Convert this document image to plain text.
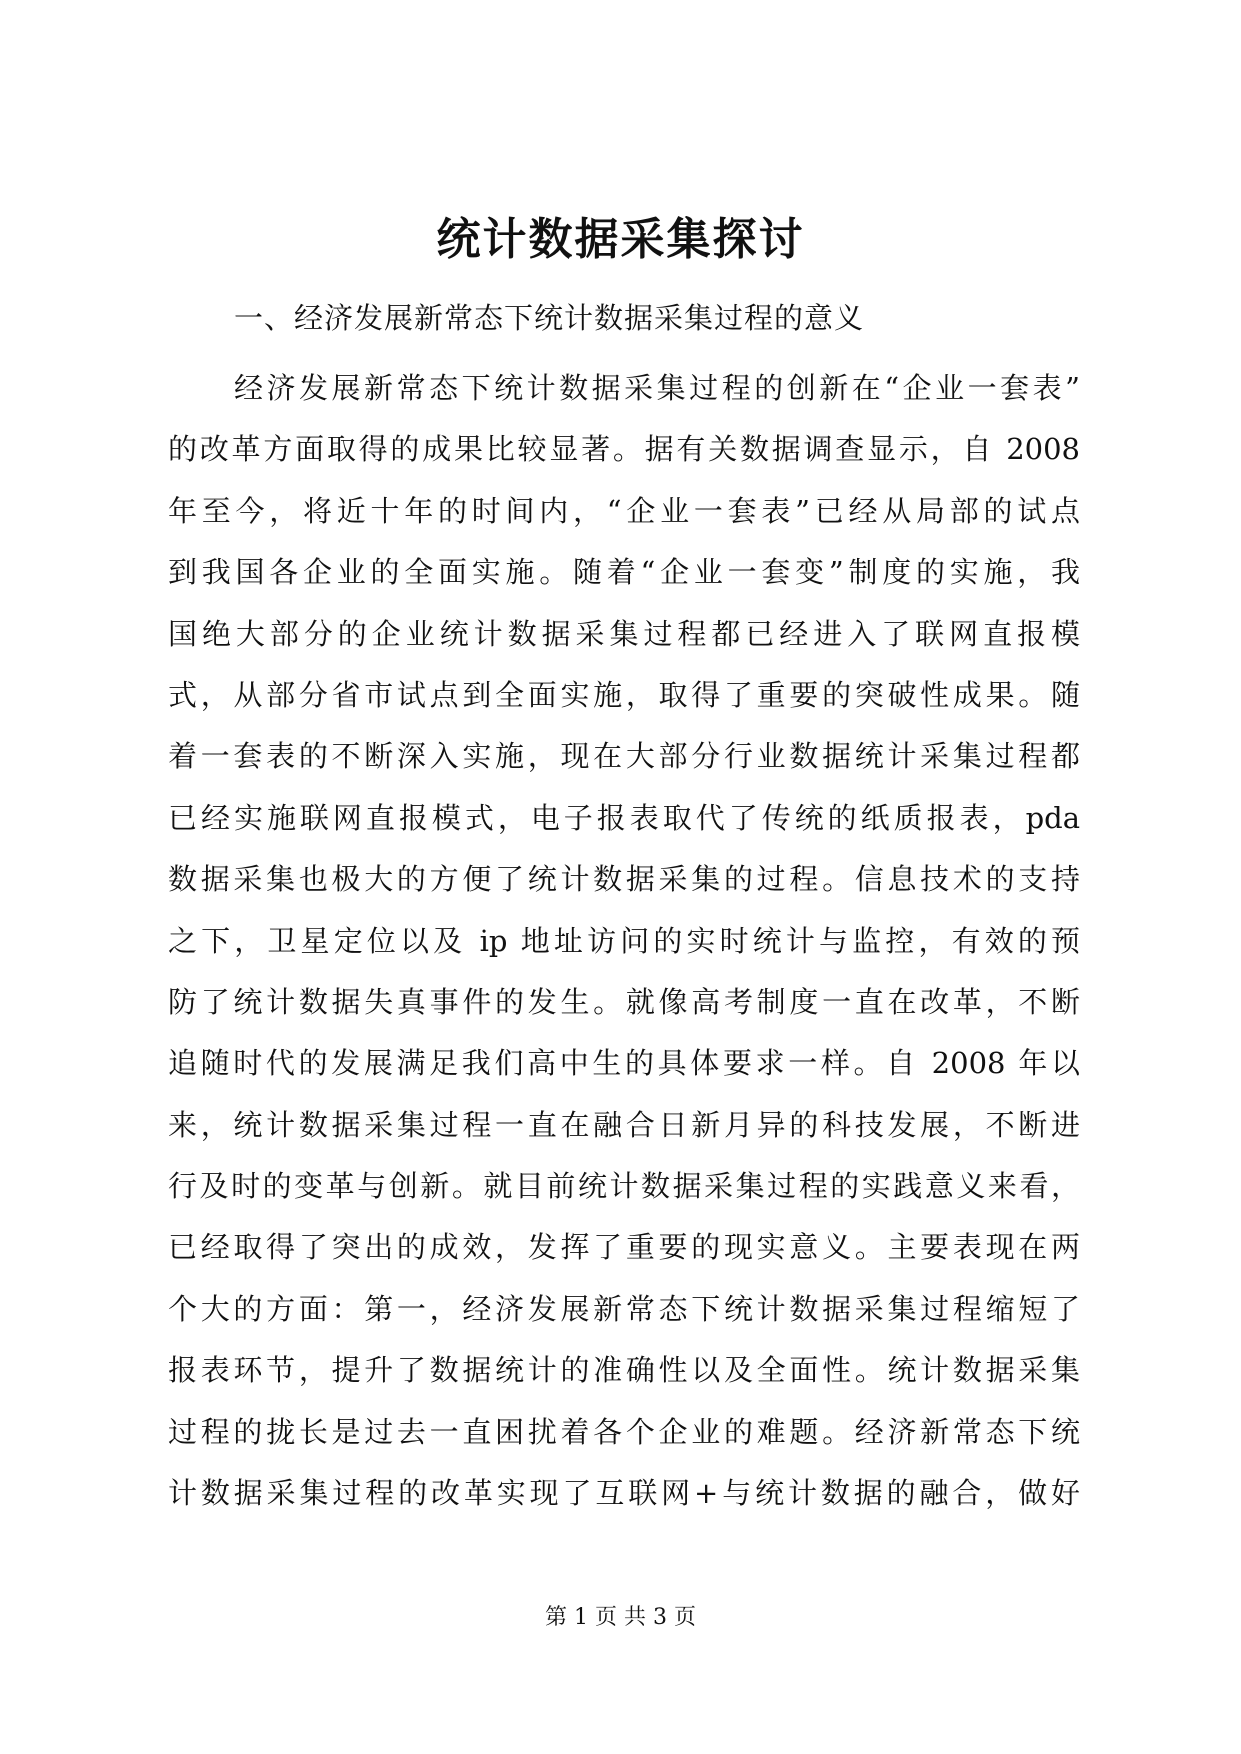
统计数据采集探讨
一、经济发展新常态下统计数据采集过程的意义
经济发展新常态下统计数据采集过程的创新在“企业一套表”
的改革方面取得的成果比较显著。据有关数据调查显示，自 2008
年至今，将近十年的时间内，“企业一套表”已经从局部的试点
到我国各企业的全面实施。随着“企业一套变”制度的实施，我
国绝大部分的企业统计数据采集过程都已经进入了联网直报模
式，从部分省市试点到全面实施，取得了重要的突破性成果。随
着一套表的不断深入实施，现在大部分行业数据统计采集过程都
已经实施联网直报模式，电子报表取代了传统的纸质报表，pda
数据采集也极大的方便了统计数据采集的过程。信息技术的支持
之下，卫星定位以及 ip 地址访问的实时统计与监控，有效的预
防了统计数据失真事件的发生。就像高考制度一直在改革，不断
追随时代的发展满足我们高中生的具体要求一样。自 2008 年以
来，统计数据采集过程一直在融合日新月异的科技发展，不断进
行及时的变革与创新。就目前统计数据采集过程的实践意义来看，
已经取得了突出的成效，发挥了重要的现实意义。主要表现在两
个大的方面：第一，经济发展新常态下统计数据采集过程缩短了
报表环节，提升了数据统计的准确性以及全面性。统计数据采集
过程的拢长是过去一直困扰着各个企业的难题。经济新常态下统
计数据采集过程的改革实现了互联网+与统计数据的融合，做好
第 1 页 共 3 页
